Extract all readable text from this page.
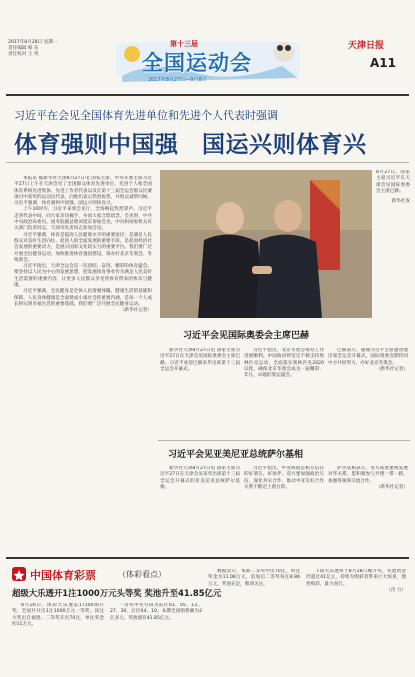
2017年8月28日 星期一
责任编辑 韩 东
责任校对 王 英
第十三届
全国运动会
2017年8月27日—9月8日
天津日报
A11
习近平在会见全国体育先进单位和先进个人代表时强调
体育强则中国强　国运兴则体育兴

本报讯 据新华社天津8月27日电 国家主席、中央军委主席习近平27日上午在天津会见了全国群众体育先进单位、先进个人和全国体育系统先进集体、先进工作者代表以及在第十三届全运会群众比赛项目中获奖的运动员代表，向他们表示热烈祝贺，并致以诚挚问候。习近平强调，体育强则中国强，国运兴则体育兴。

上午10时许，习近平来到会见厅，全场响起热烈掌声。习近平走到代表中间，同大家亲切握手，并同大家合影留念。会见时，中共中央政治局委员、国务院副总理刘延东参加会见。中央和国家机关有关部门负责同志，天津市负责同志参加会见。

习近平强调，体育是提高人民健康水平的重要途径，是满足人民群众对美好生活向往、促进人的全面发展的重要手段，是促进经济社会发展的重要动力，是展示国家文化软实力的重要平台。我们要广泛开展全民健身运动，加快推进体育强国建设，筹办好北京冬奥会、冬残奥会。

习近平指出，天津全运会是一次团结、奋进、精彩的体育盛会。要坚持以人民为中心的发展思想，把发展体育事业作为满足人民美好生活需要的重要内容，让更多人民群众享受到体育带来的快乐与健康。

习近平强调，全民健身是全体人民增强体魄、健康生活的基础和保障，人民身体健康是全面建成小康社会的重要内涵，是每一个人成长和实现幸福生活的重要基础。我们要广泛开展全民健身运动。

（新华社记者）

8月27日，国家主席习近平在天津会见国际奥委会主席巴赫。
新华社发
习近平会见国际奥委会主席巴赫

新华社天津8月27日电 国家主席习近平27日在天津会见国际奥委会主席巴赫。习近平欢迎巴赫来华出席第十三届全运会开幕式。

习近平指出，北京冬奥会筹办工作进展顺利。中国政府将坚定不移支持奥林匹克运动，全面落实奥林匹克2020议程，确保北京冬奥会成为一届精彩、非凡、卓越的奥运盛会。

巴赫表示，感谢习近平主席邀请他出席全运会开幕式。国际奥委会期待同中方共同努力，办好北京冬奥会。

（新华社记者）

习近平会见亚美尼亚总统萨尔基相

新华社天津8月27日电 国家主席习近平27日在天津会见来华出席第十三届全运会开幕式的亚美尼亚总统萨尔基相。

习近平指出，中亚两国是相互信任的好朋友、好伙伴。双方要加强政治互信，深化务实合作，推动中亚友好合作关系不断迈上新台阶。

萨尔基相表示，亚方高度重视发展对华关系，愿积极参与共建一带一路，加强各领域交流合作。

（新华社记者）

中国体育彩票	（体彩看点）
超级大乐透开1注1000万元头等奖 奖池升至41.85亿元

8月26日，体彩大乐透第17100期开奖，全国共开出1注1000万元一等奖，该注大奖出自福建。二等奖开出70注，单注奖金约11万元。

一等奖中奖号码为前区03、05、13、27、30，后区04、10。本期全国销售额为2亿多元，奖池滚存41.85亿元。

数据显示，本期二等奖中出70注，单注奖金为11.08万元，追加后二等奖每注8.86万元，奖池充足，敬请关注。

下期大乐透将于8月28日晚开奖，奖池资金仍超过41亿元，持续为购彩者带来巨大惊喜，理性购彩，量力而行。

（肖 力）
